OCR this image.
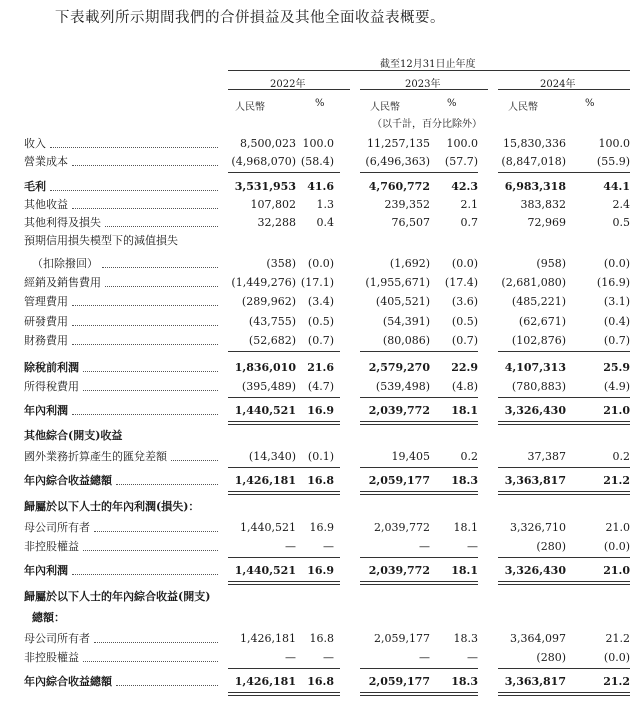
下表載列所示期間我們的合併損益及其他全面收益表概要。
截至12月31日止年度
2022年	2023年	2024年
人民幣	%	人民幣	%	人民幣	%
（以千計，百分比除外）
收入	8,500,023 100.0	11,257,135 100.0 15,830,336	100.0
營業成本	(4,968,070) (58.4)	(6,496,363) (57.7) (8,847,018)	(55.9)
毛利	3,531,953 41.6	4,760,772 42.3 6,983,318	44.1
其他收益	107,802 1.3	239,352	2.1	383,832	2.4
其他利得及損失	32,288 0.4	76,507	0.7	72,969	0.5
預期信用損失模型下的減值損失
（扣除撥回）	(358) (0.0)	(1,692) (0.0)	(958)	(0.0)
經銷及銷售費用	(1,449,276) (17.1)	(1,955,671) (17.4) (2,681,080)	(16.9)
管理費用	(289,962) (3.4)	(405,521) (3.6)	(485,221)	(3.1)
研發費用	(43,755) (0.5)	(54,391) (0.5)	(62,671)	(0.4)
財務費用	(52,682) (0.7)	(80,086) (0.7)	(102,876)	(0.7)
除稅前利潤	1,836,010 21.6	2,579,270 22.9 4,107,313	25.9
所得稅費用	(395,489) (4.7)	(539,498) (4.8)	(780,883)	(4.9)
年內利潤	1,440,521 16.9	2,039,772 18.1 3,326,430	21.0
其他綜合(開支)收益
國外業務折算產生的匯兌差額	(14,340) (0.1)	19,405	0.2	37,387	0.2
年內綜合收益總額	1,426,181 16.8	2,059,177 18.3 3,363,817	21.2
歸屬於以下人士的年內利潤(損失)：
母公司所有者	1,440,521 16.9	2,039,772 18.1	3,326,710	21.0
非控股權益	— —	—	—	(280)	(0.0)
年內利潤	1,440,521 16.9	2,039,772 18.1 3,326,430	21.0
歸屬於以下人士的年內綜合收益(開支)
總額：
母公司所有者	1,426,181 16.8	2,059,177 18.3	3,364,097	21.2
非控股權益	— —	—	—	(280)	(0.0)
年內綜合收益總額	1,426,181 16.8	2,059,177 18.3 3,363,817	21.2
